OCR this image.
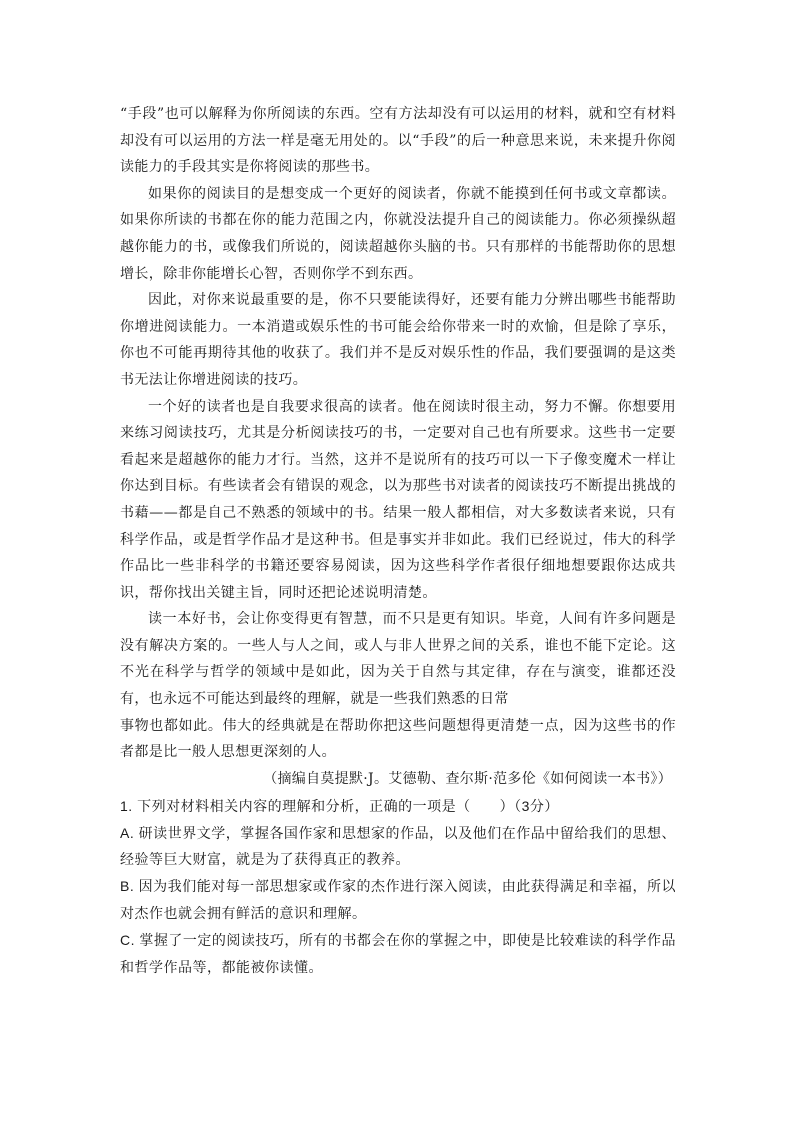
“手段”也可以解释为你所阅读的东西。空有方法却没有可以运用的材料，就和空有材料却没有可以运用的方法一样是毫无用处的。以“手段”的后一种意思来说，未来提升你阅读能力的手段其实是你将阅读的那些书。

如果你的阅读目的是想变成一个更好的阅读者，你就不能摸到任何书或文章都读。如果你所读的书都在你的能力范围之内，你就没法提升自己的阅读能力。你必须操纵超越你能力的书，或像我们所说的，阅读超越你头脑的书。只有那样的书能帮助你的思想增长，除非你能增长心智，否则你学不到东西。

因此，对你来说最重要的是，你不只要能读得好，还要有能力分辨出哪些书能帮助你增进阅读能力。一本消遣或娱乐性的书可能会给你带来一时的欢愉，但是除了享乐，你也不可能再期待其他的收获了。我们并不是反对娱乐性的作品，我们要强调的是这类书无法让你增进阅读的技巧。

一个好的读者也是自我要求很高的读者。他在阅读时很主动，努力不懈。你想要用来练习阅读技巧，尤其是分析阅读技巧的书，一定要对自己也有所要求。这些书一定要看起来是超越你的能力才行。当然，这并不是说所有的技巧可以一下子像变魔术一样让你达到目标。有些读者会有错误的观念，以为那些书对读者的阅读技巧不断提出挑战的书藉——都是自己不熟悉的领域中的书。结果一般人都相信，对大多数读者来说，只有科学作品，或是哲学作品才是这种书。但是事实并非如此。我们已经说过，伟大的科学作品比一些非科学的书籍还要容易阅读，因为这些科学作者很仔细地想要跟你达成共识，帮你找出关键主旨，同时还把论述说明清楚。

读一本好书，会让你变得更有智慧，而不只是更有知识。毕竟，人间有许多问题是没有解决方案的。一些人与人之间，或人与非人世界之间的关系，谁也不能下定论。这不光在科学与哲学的领域中是如此，因为关于自然与其定律，存在与演变，谁都还没有，也永远不可能达到最终的理解，就是一些我们熟悉的日常

事物也都如此。伟大的经典就是在帮助你把这些问题想得更清楚一点，因为这些书的作者都是比一般人思想更深刻的人。

（摘编自莫提默·J。艾德勒、查尔斯·范多伦《如何阅读一本书》）

1. 下列对材料相关内容的理解和分析，正确的一项是（　　）（3分）

A. 研读世界文学，掌握各国作家和思想家的作品，以及他们在作品中留给我们的思想、经验等巨大财富，就是为了获得真正的教养。

B. 因为我们能对每一部思想家或作家的杰作进行深入阅读，由此获得满足和幸福，所以对杰作也就会拥有鲜活的意识和理解。

C. 掌握了一定的阅读技巧，所有的书都会在你的掌握之中，即使是比较难读的科学作品和哲学作品等，都能被你读懂。
